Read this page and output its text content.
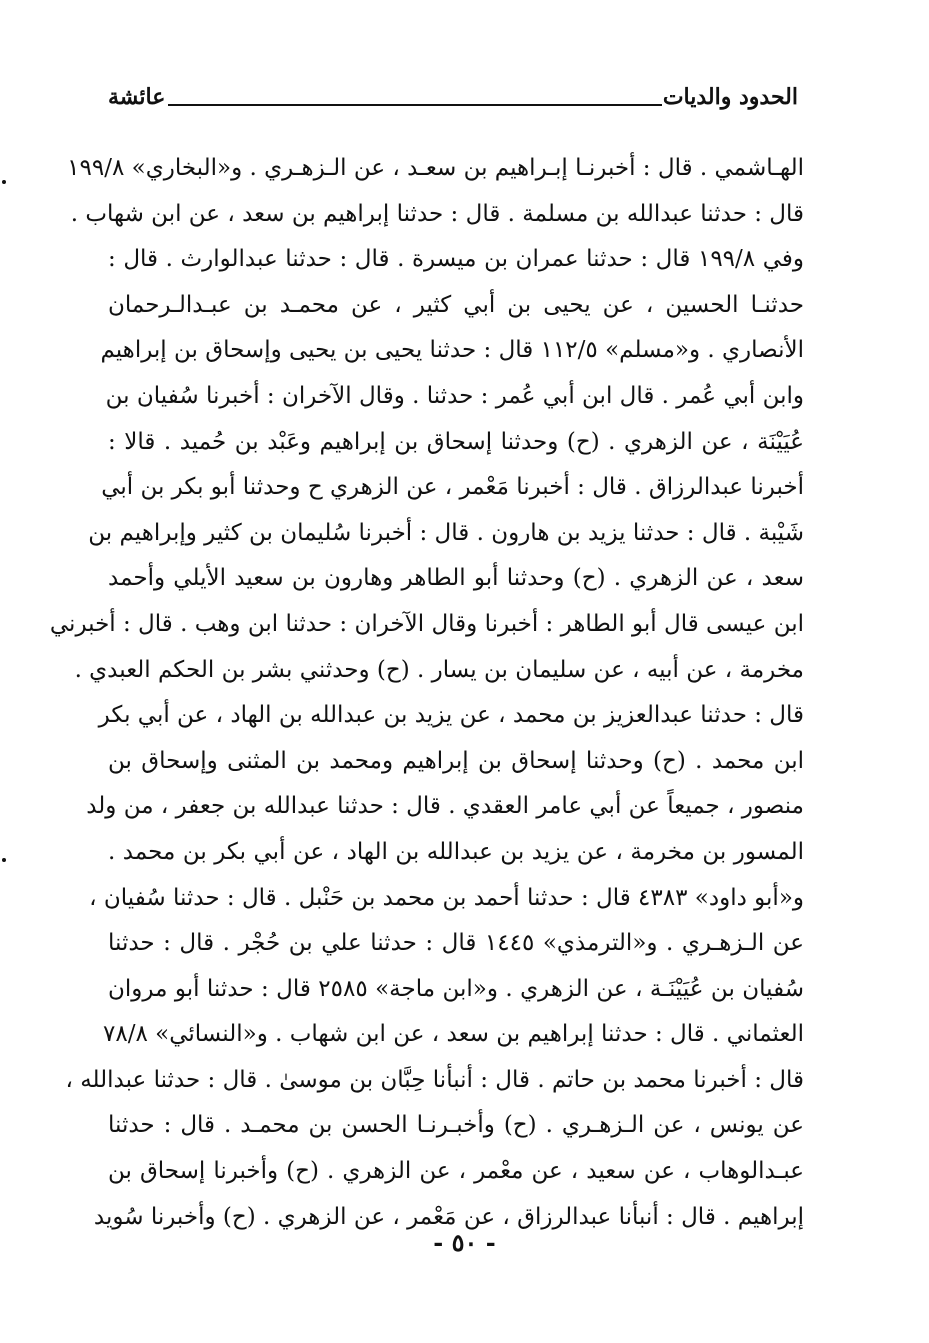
الحدود والديات
عائشة
الهـاشمي . قال : أخبرنـا إبـراهيم بن سعـد ، عن الـزهـري . و«البخاري» ١٩٩/٨
قال : حدثنا عبدالله بن مسلمة . قال : حدثنا إبراهيم بن سعد ، عن ابن شهاب .
وفي ١٩٩/٨ قال : حدثنا عمران بن ميسرة . قال : حدثنا عبدالوارث . قال :
حدثنـا الحسين ، عن يحيى بن أبي كثير ، عن محمـد بن عبـدالـرحمان
الأنصاري . و«مسلم» ١١٢/٥ قال : حدثنا يحيى بن يحيى وإسحاق بن إبراهيم
وابن أبي عُمر . قال ابن أبي عُمر : حدثنا . وقال الآخران : أخبرنا سُفيان بن
عُيَيْنَة ، عن الزهري . (ح) وحدثنا إسحاق بن إبراهيم وعَبْد بن حُميد . قالا :
أخبرنا عبدالرزاق . قال : أخبرنا مَعْمر ، عن الزهري ح وحدثنا أبو بكر بن أبي
شَيْبة . قال : حدثنا يزيد بن هارون . قال : أخبرنا سُليمان بن كثير وإبراهيم بن
سعد ، عن الزهري . (ح) وحدثنا أبو الطاهر وهارون بن سعيد الأيلي وأحمد
ابن عيسى قال أبو الطاهر : أخبرنا وقال الآخران : حدثنا ابن وهب . قال : أخبرني
مخرمة ، عن أبيه ، عن سليمان بن يسار . (ح) وحدثني بشر بن الحكم العبدي .
قال : حدثنا عبدالعزيز بن محمد ، عن يزيد بن عبدالله بن الهاد ، عن أبي بكر
ابن محمد . (ح) وحدثنا إسحاق بن إبراهيم ومحمد بن المثنى وإسحاق بن
منصور ، جميعاً عن أبي عامر العقدي . قال : حدثنا عبدالله بن جعفر ، من ولد
المسور بن مخرمة ، عن يزيد بن عبدالله بن الهاد ، عن أبي بكر بن محمد .
و«أبو داود» ٤٣٨٣ قال : حدثنا أحمد بن محمد بن حَنْبل . قال : حدثنا سُفيان ،
عن الـزهـري . و«الترمذي» ١٤٤٥ قال : حدثنا علي بن حُجْر . قال : حدثنا
سُفيان بن عُيَيْنَـة ، عن الزهري . و«ابن ماجة» ٢٥٨٥ قال : حدثنا أبو مروان
العثماني . قال : حدثنا إبراهيم بن سعد ، عن ابن شهاب . و«النسائي» ٧٨/٨
قال : أخبرنا محمد بن حاتم . قال : أنبأنا حِبَّان بن موسىٰ . قال : حدثنا عبدالله ،
عن يونس ، عن الـزهـري . (ح) وأخبـرنـا الحسن بن محمـد . قال : حدثنا
عبـدالوهاب ، عن سعيد ، عن معْمر ، عن الزهري . (ح) وأخبرنا إسحاق بن
إبراهيم . قال : أنبأنا عبدالرزاق ، عن مَعْمر ، عن الزهري . (ح) وأخبرنا سُويد
- ٥٠ -
